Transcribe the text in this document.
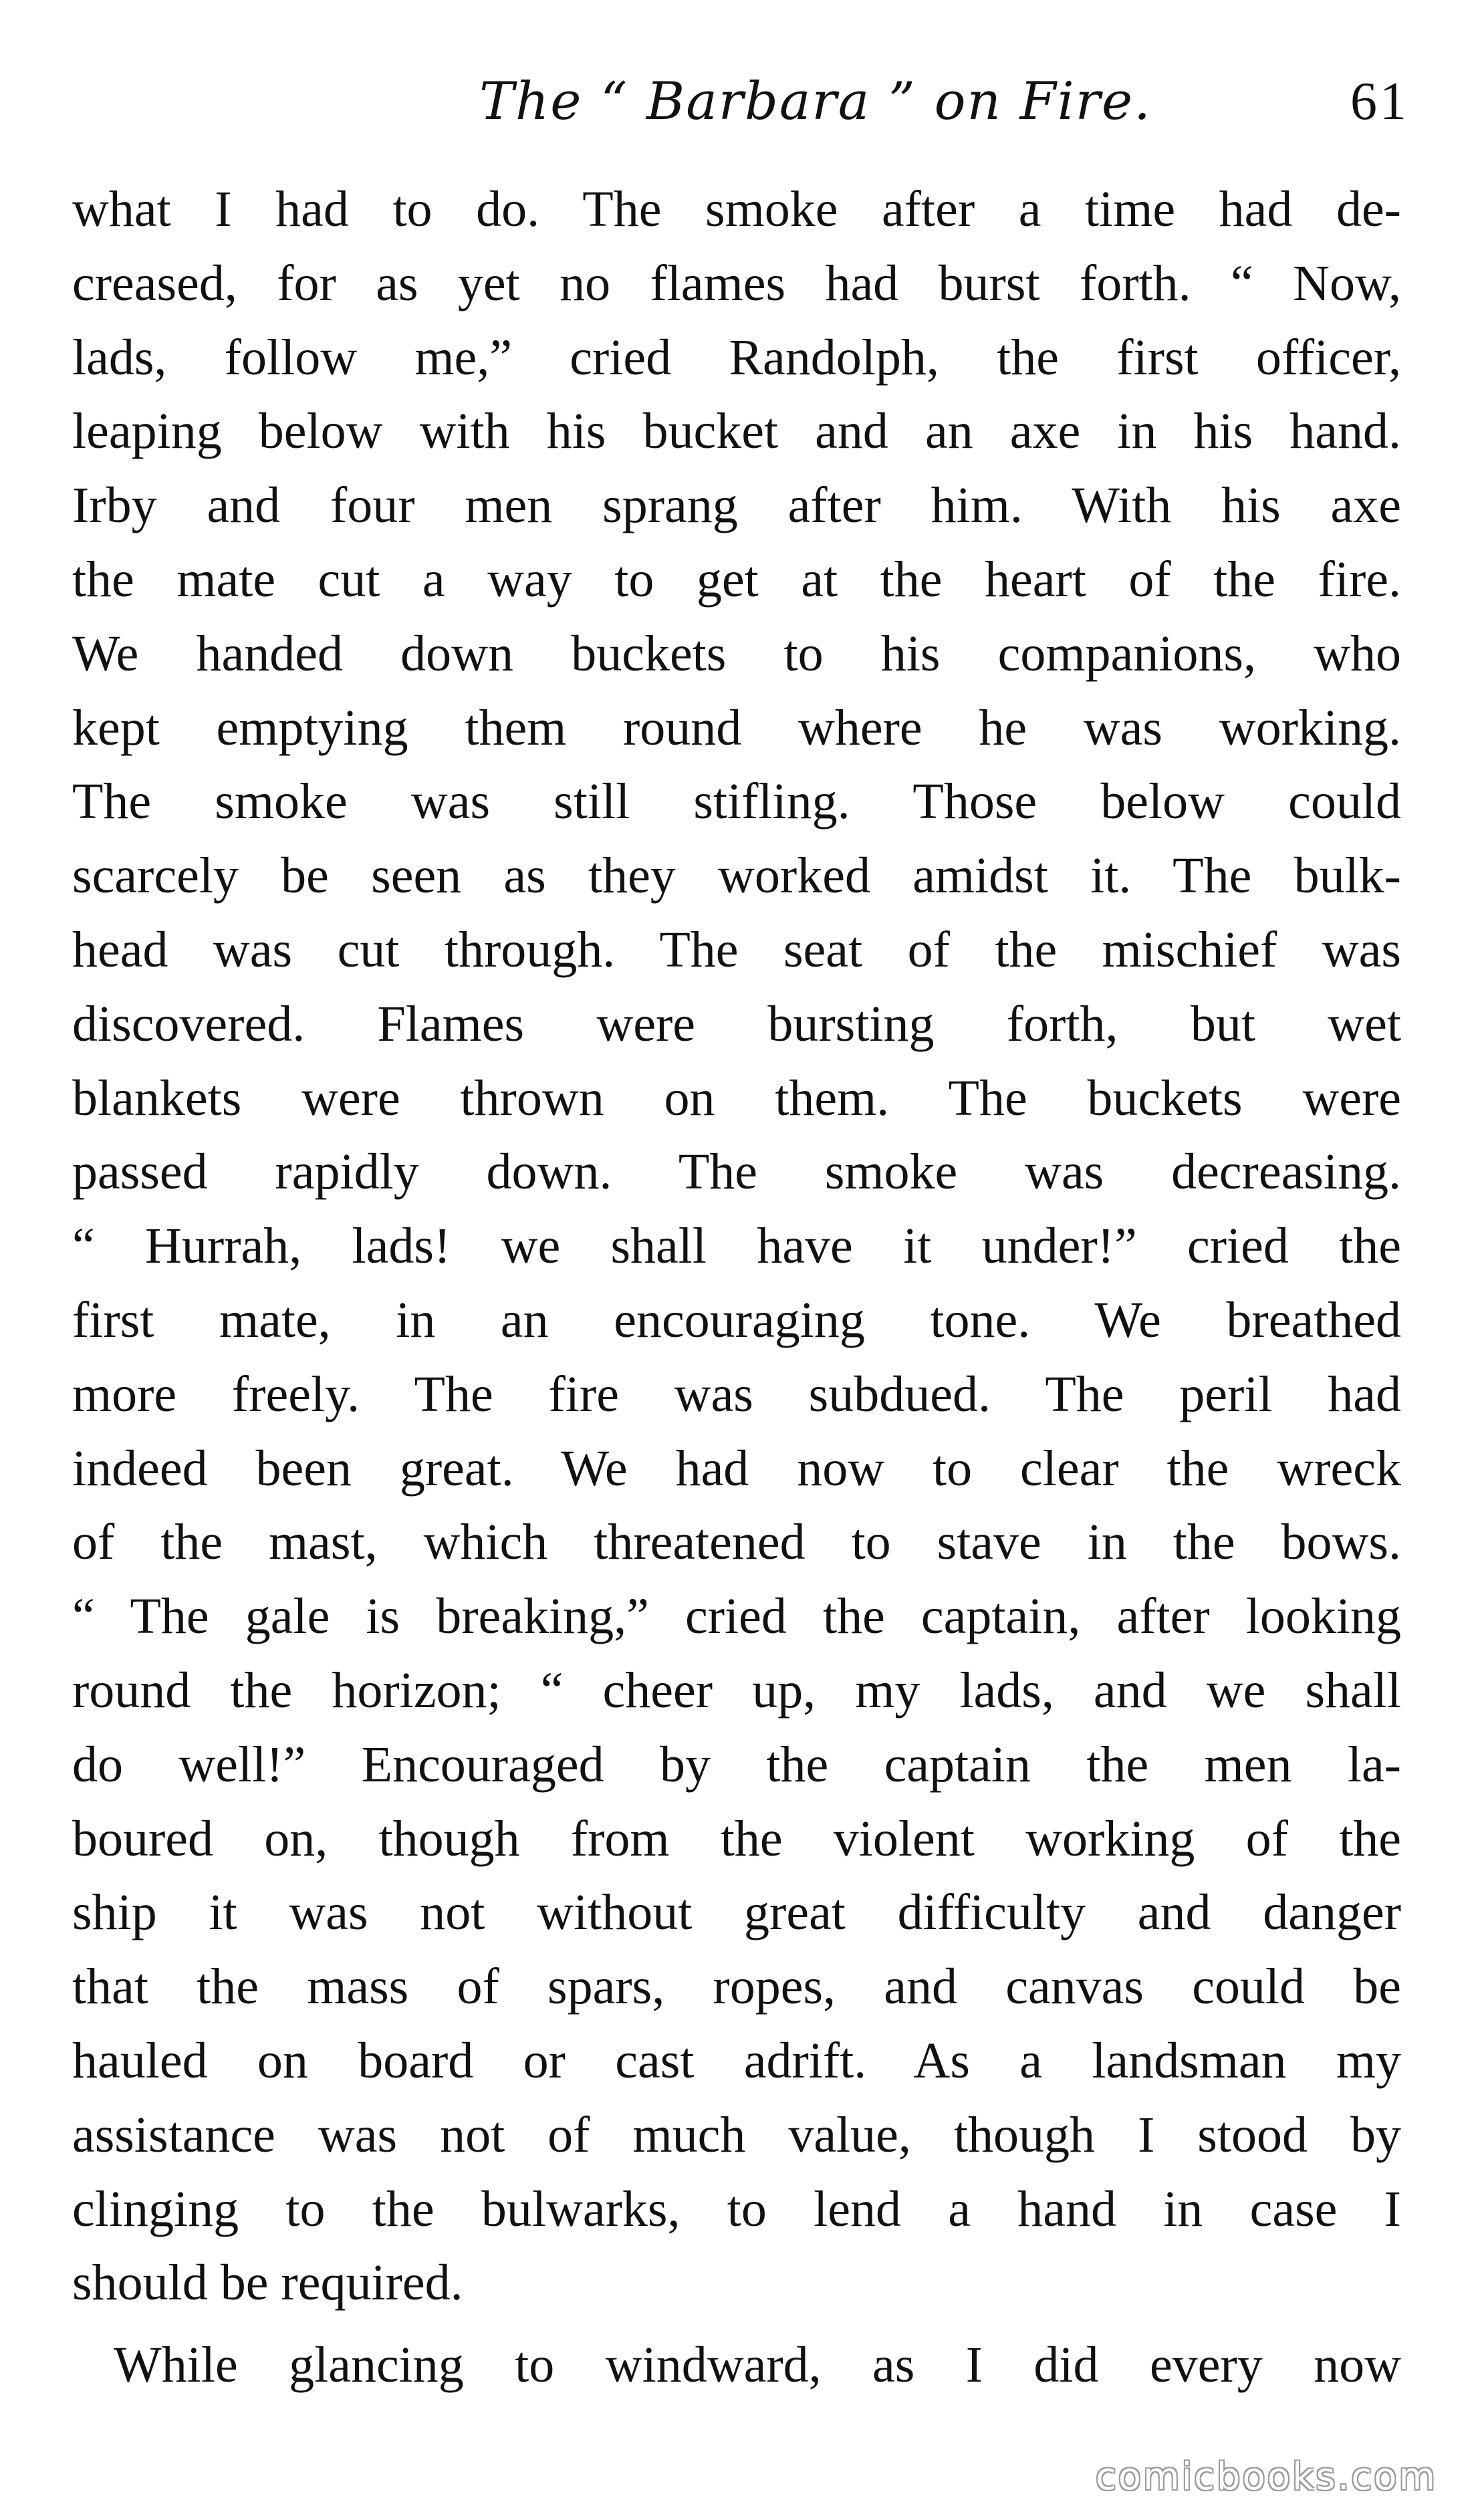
The “ Barbara ” on Fire.	61
what I had to do. The smoke after a time had de-
creased, for as yet no flames had burst forth. “ Now,
lads, follow me,” cried Randolph, the first officer,
leaping below with his bucket and an axe in his hand.
Irby and four men sprang after him. With his axe
the mate cut a way to get at the heart of the fire.
We handed down buckets to his companions, who
kept emptying them round where he was working.
The smoke was still stifling. Those below could
scarcely be seen as they worked amidst it. The bulk-
head was cut through. The seat of the mischief was
discovered. Flames were bursting forth, but wet
blankets were thrown on them. The buckets were
passed rapidly down. The smoke was decreasing.
“ Hurrah, lads! we shall have it under!” cried the
first mate, in an encouraging tone. We breathed
more freely. The fire was subdued. The peril had
indeed been great. We had now to clear the wreck
of the mast, which threatened to stave in the bows.
“ The gale is breaking,” cried the captain, after looking
round the horizon; “ cheer up, my lads, and we shall
do well!” Encouraged by the captain the men la-
boured on, though from the violent working of the
ship it was not without great difficulty and danger
that the mass of spars, ropes, and canvas could be
hauled on board or cast adrift. As a landsman my
assistance was not of much value, though I stood by
clinging to the bulwarks, to lend a hand in case I
should be required.
While glancing to windward, as I did every now
comicbooks.com
